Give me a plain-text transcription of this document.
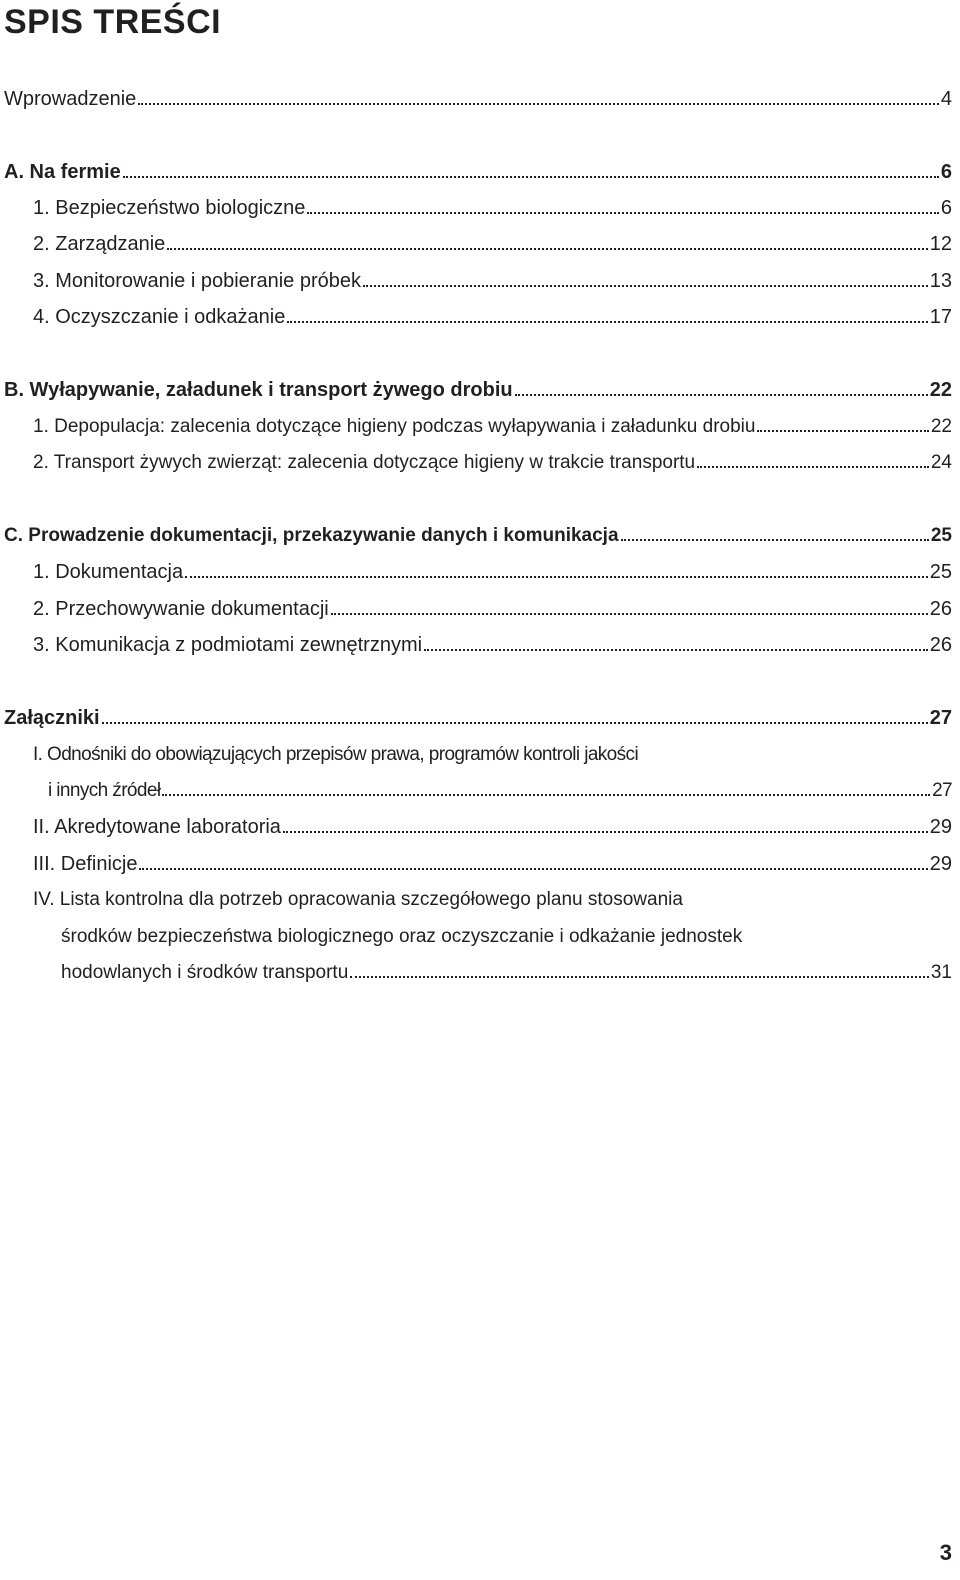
SPIS TREŚCI
Wprowadzenie	4
A. Na fermie	6
1. Bezpieczeństwo biologiczne	6
2. Zarządzanie	12
3. Monitorowanie i pobieranie próbek	13
4. Oczyszczanie i odkażanie	17
B. Wyłapywanie, załadunek i transport żywego drobiu	22
1. Depopulacja: zalecenia dotyczące higieny podczas wyłapywania i załadunku drobiu	22
2. Transport żywych zwierząt: zalecenia dotyczące higieny w trakcie transportu	24
C. Prowadzenie dokumentacji, przekazywanie danych i komunikacja	25
1. Dokumentacja	25
2. Przechowywanie dokumentacji	26
3. Komunikacja z podmiotami zewnętrznymi	26
Załączniki	27
I. Odnośniki do obowiązujących przepisów prawa, programów kontroli jakości
i innych źródeł	27
II. Akredytowane laboratoria	29
III. Definicje	29
IV. Lista kontrolna dla potrzeb opracowania szczegółowego planu stosowania
środków bezpieczeństwa biologicznego oraz oczyszczanie i odkażanie jednostek
hodowlanych i środków transportu	31
3
